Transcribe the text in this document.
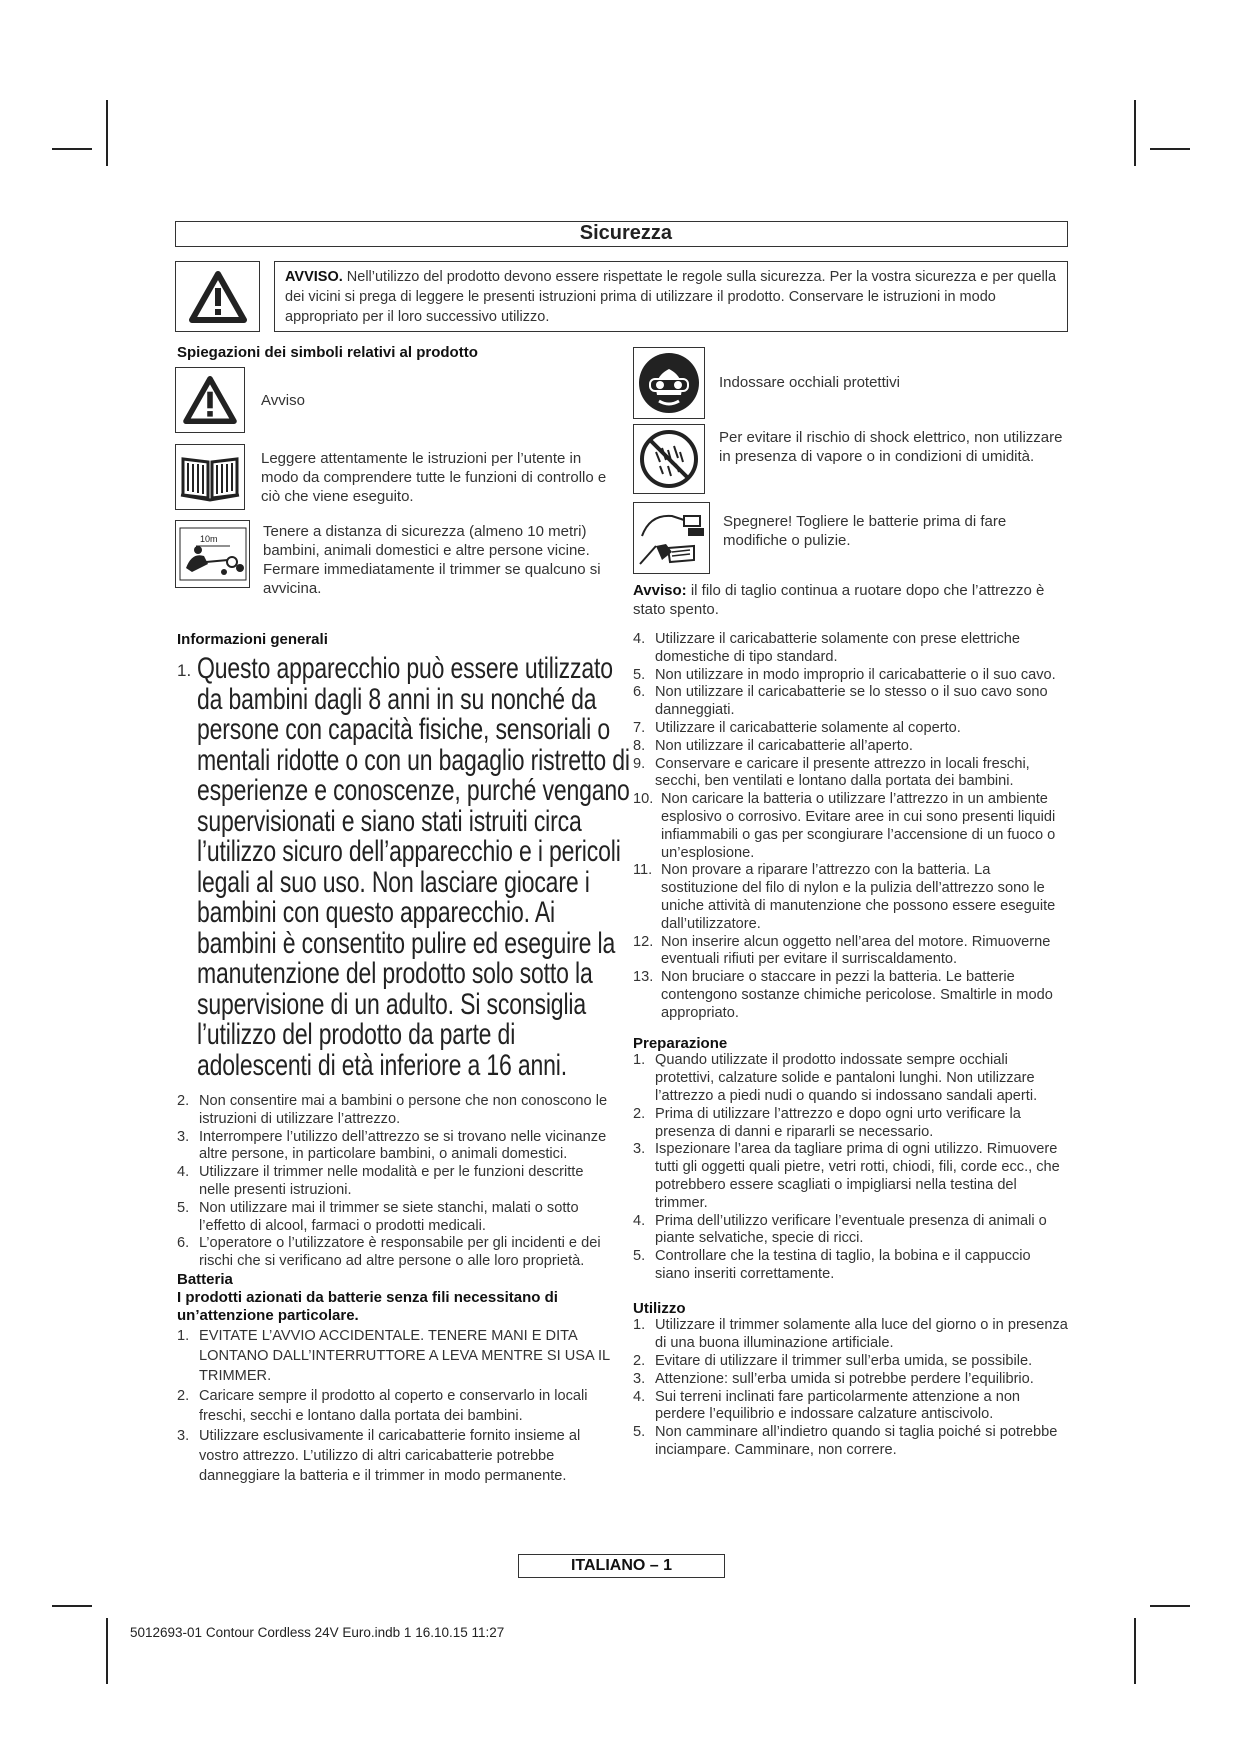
Sicurezza
AVVISO. Nell’utilizzo del prodotto devono essere rispettate le regole sulla sicurezza. Per la vostra sicurezza e per quella dei vicini si prega di leggere le presenti istruzioni prima di utilizzare il prodotto. Conservare le istruzioni in modo appropriato per il loro successivo utilizzo.
Spiegazioni dei simboli relativi al prodotto
Avviso
Leggere attentamente le istruzioni per l’utente in modo da comprendere tutte le funzioni di controllo e ciò che viene eseguito.
10m	Tenere a distanza di sicurezza (almeno 10 metri) bambini, animali domestici e altre persone vicine. Fermare immediatamente il trimmer se qualcuno si avvicina.
Indossare occhiali protettivi
Per evitare il rischio di shock elettrico, non utilizzare in presenza di vapore o in condizioni di umidità.
Spegnere! Togliere le batterie prima di fare modifiche o pulizie.
Avviso: il filo di taglio continua a ruotare dopo che l’attrezzo è stato spento.
Informazioni generali
1. Questo apparecchio può essere utilizzato da bambini dagli 8 anni in su nonché da persone con capacità fisiche, sensoriali o mentali ridotte o con un bagaglio ristretto di esperienze e conoscenze, purché vengano supervisionati e siano stati istruiti circa l’utilizzo sicuro dell’apparecchio e i pericoli legali al suo uso. Non lasciare giocare i bambini con questo apparecchio. Ai bambini è consentito pulire ed eseguire la manutenzione del prodotto solo sotto la supervisione di un adulto. Si sconsiglia l’utilizzo del prodotto da parte di adolescenti di età inferiore a 16 anni.
2. Non consentire mai a bambini o persone che non conoscono le istruzioni di utilizzare l’attrezzo.
3. Interrompere l’utilizzo dell’attrezzo se si trovano nelle vicinanze altre persone, in particolare bambini, o animali domestici.
4. Utilizzare il trimmer nelle modalità e per le funzioni descritte nelle presenti istruzioni.
5. Non utilizzare mai il trimmer se siete stanchi, malati o sotto l’effetto di alcool, farmaci o prodotti medicali.
6. L’operatore o l’utilizzatore è responsabile per gli incidenti e dei rischi che si verificano ad altre persone o alle loro proprietà.
Batteria
I prodotti azionati da batterie senza fili necessitano di un’attenzione particolare.
1. EVITATE L’AVVIO ACCIDENTALE. TENERE MANI E DITA LONTANO DALL’INTERRUTTORE A LEVA MENTRE SI USA IL TRIMMER.
2. Caricare sempre il prodotto al coperto e conservarlo in locali freschi, secchi e lontano dalla portata dei bambini.
3. Utilizzare esclusivamente il caricabatterie fornito insieme al vostro attrezzo. L’utilizzo di altri caricabatterie potrebbe danneggiare la batteria e il trimmer in modo permanente.
4. Utilizzare il caricabatterie solamente con prese elettriche domestiche di tipo standard.
5. Non utilizzare in modo improprio il caricabatterie o il suo cavo.
6. Non utilizzare il caricabatterie se lo stesso o il suo cavo sono danneggiati.
7. Utilizzare il caricabatterie solamente al coperto.
8. Non utilizzare il caricabatterie all’aperto.
9. Conservare e caricare il presente attrezzo in locali freschi, secchi, ben ventilati e lontano dalla portata dei bambini.
10. Non caricare la batteria o utilizzare l’attrezzo in un ambiente esplosivo o corrosivo. Evitare aree in cui sono presenti liquidi infiammabili o gas per scongiurare l’accensione di un fuoco o un’esplosione.
11. Non provare a riparare l’attrezzo con la batteria. La sostituzione del filo di nylon e la pulizia dell’attrezzo sono le uniche attività di manutenzione che possono essere eseguite dall’utilizzatore.
12. Non inserire alcun oggetto nell’area del motore. Rimuoverne eventuali rifiuti per evitare il surriscaldamento.
13. Non bruciare o staccare in pezzi la batteria. Le batterie contengono sostanze chimiche pericolose. Smaltirle in modo appropriato.
Preparazione
1. Quando utilizzate il prodotto indossate sempre occhiali protettivi, calzature solide e pantaloni lunghi. Non utilizzare l’attrezzo a piedi nudi o quando si indossano sandali aperti.
2. Prima di utilizzare l’attrezzo e dopo ogni urto verificare la presenza di danni e ripararli se necessario.
3. Ispezionare l’area da tagliare prima di ogni utilizzo. Rimuovere tutti gli oggetti quali pietre, vetri rotti, chiodi, fili, corde ecc., che potrebbero essere scagliati o impigliarsi nella testina del trimmer.
4. Prima dell’utilizzo verificare l’eventuale presenza di animali o piante selvatiche, specie di ricci.
5. Controllare che la testina di taglio, la bobina e il cappuccio siano inseriti correttamente.
Utilizzo
1. Utilizzare il trimmer solamente alla luce del giorno o in presenza di una buona illuminazione artificiale.
2. Evitare di utilizzare il trimmer sull’erba umida, se possibile.
3. Attenzione: sull’erba umida si potrebbe perdere l’equilibrio.
4. Sui terreni inclinati fare particolarmente attenzione a non perdere l’equilibrio e indossare calzature antiscivolo.
5. Non camminare all’indietro quando si taglia poiché si potrebbe inciampare. Camminare, non correre.
ITALIANO – 1
5012693-01 Contour Cordless 24V Euro.indb 1 16.10.15 11:27
